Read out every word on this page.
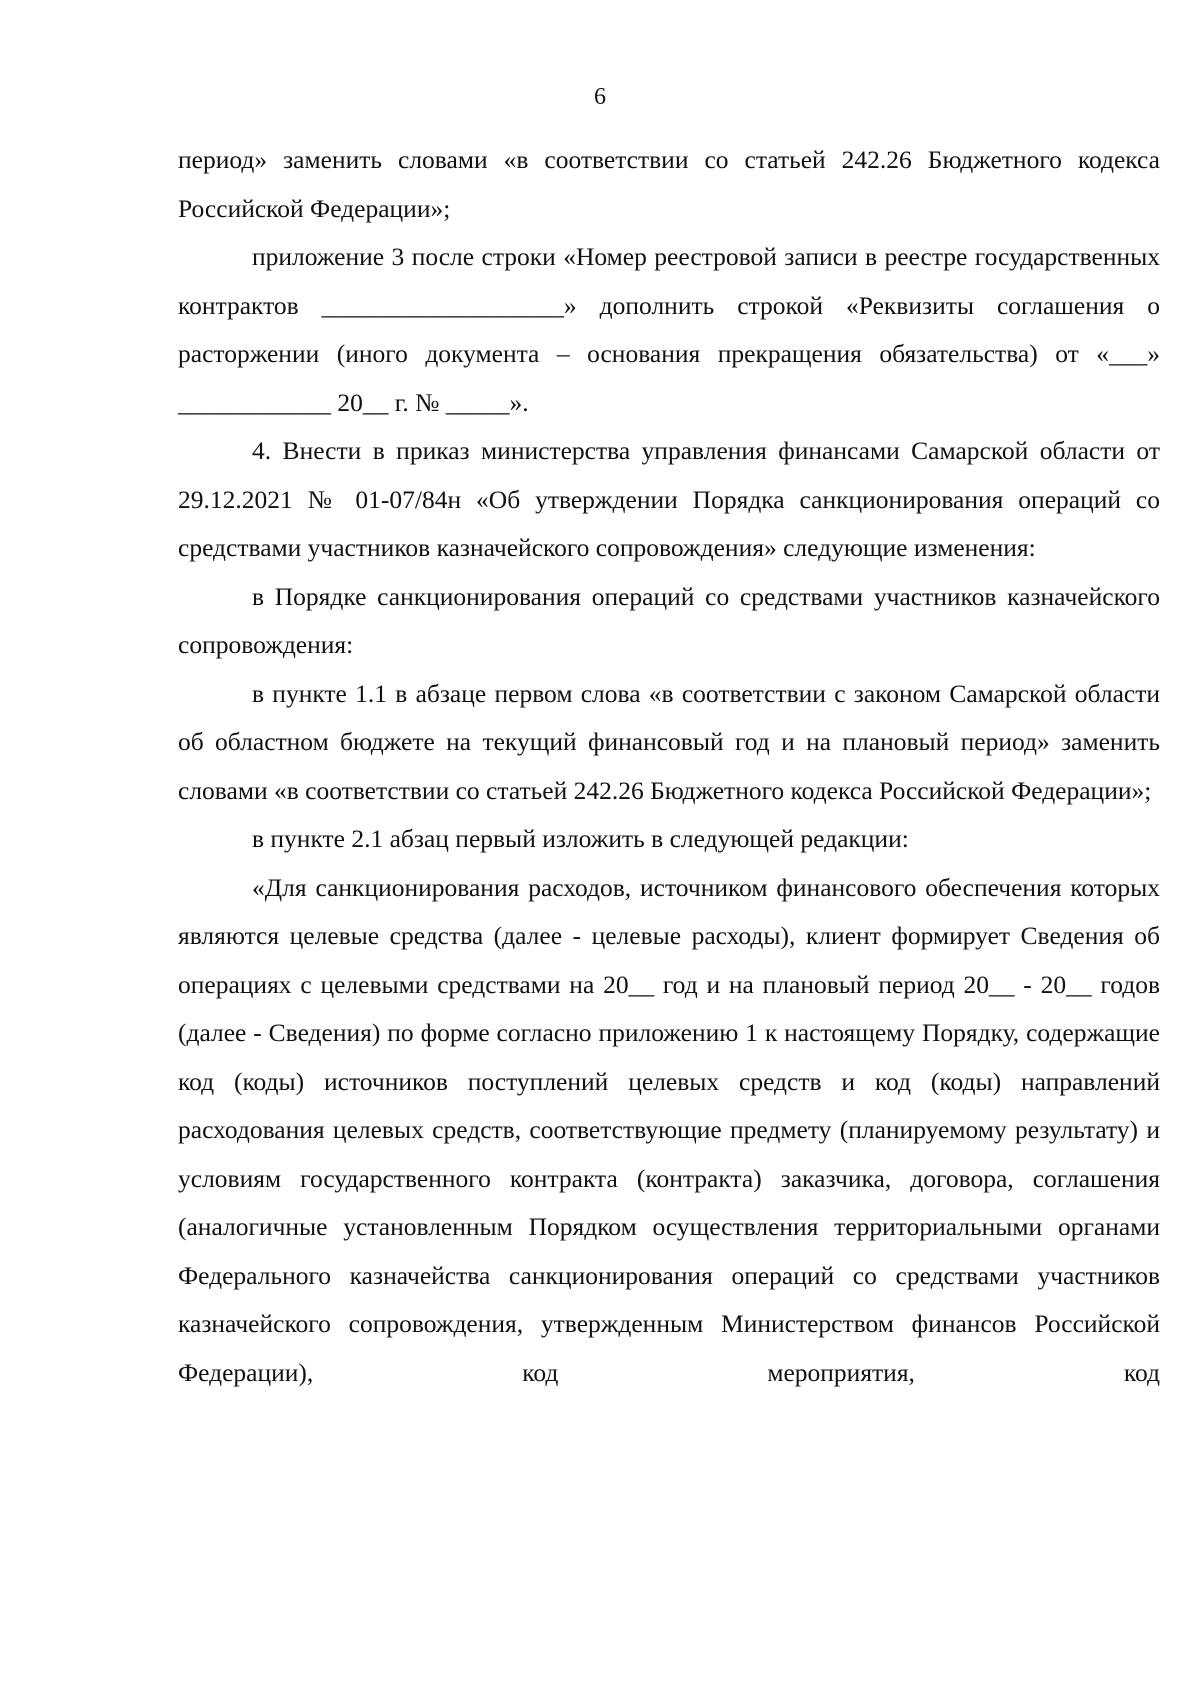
6

период» заменить словами «в соответствии со статьей 242.26 Бюджетного кодекса Российской Федерации»;

приложение 3 после строки «Номер реестровой записи в реестре государственных контрактов ___________________» дополнить строкой «Реквизиты соглашения о расторжении (иного документа – основания прекращения обязательства) от «___» ____________ 20__ г. № _____».

4. Внести в приказ министерства управления финансами Самарской области от 29.12.2021 № 01-07/84н «Об утверждении Порядка санкционирования операций со средствами участников казначейского сопровождения» следующие изменения:

в Порядке санкционирования операций со средствами участников казначейского сопровождения:

в пункте 1.1 в абзаце первом слова «в соответствии с законом Самарской области об областном бюджете на текущий финансовый год и на плановый период» заменить словами «в соответствии со статьей 242.26 Бюджетного кодекса Российской Федерации»;

в пункте 2.1 абзац первый изложить в следующей редакции:

«Для санкционирования расходов, источником финансового обеспечения которых являются целевые средства (далее - целевые расходы), клиент формирует Сведения об операциях с целевыми средствами на 20__ год и на плановый период 20__ - 20__ годов (далее - Сведения) по форме согласно приложению 1 к настоящему Порядку, содержащие код (коды) источников поступлений целевых средств и код (коды) направлений расходования целевых средств, соответствующие предмету (планируемому результату) и условиям государственного контракта (контракта) заказчика, договора, соглашения (аналогичные установленным Порядком осуществления территориальными органами Федерального казначейства санкционирования операций со средствами участников казначейского сопровождения, утвержденным Министерством финансов Российской Федерации), код мероприятия, код
